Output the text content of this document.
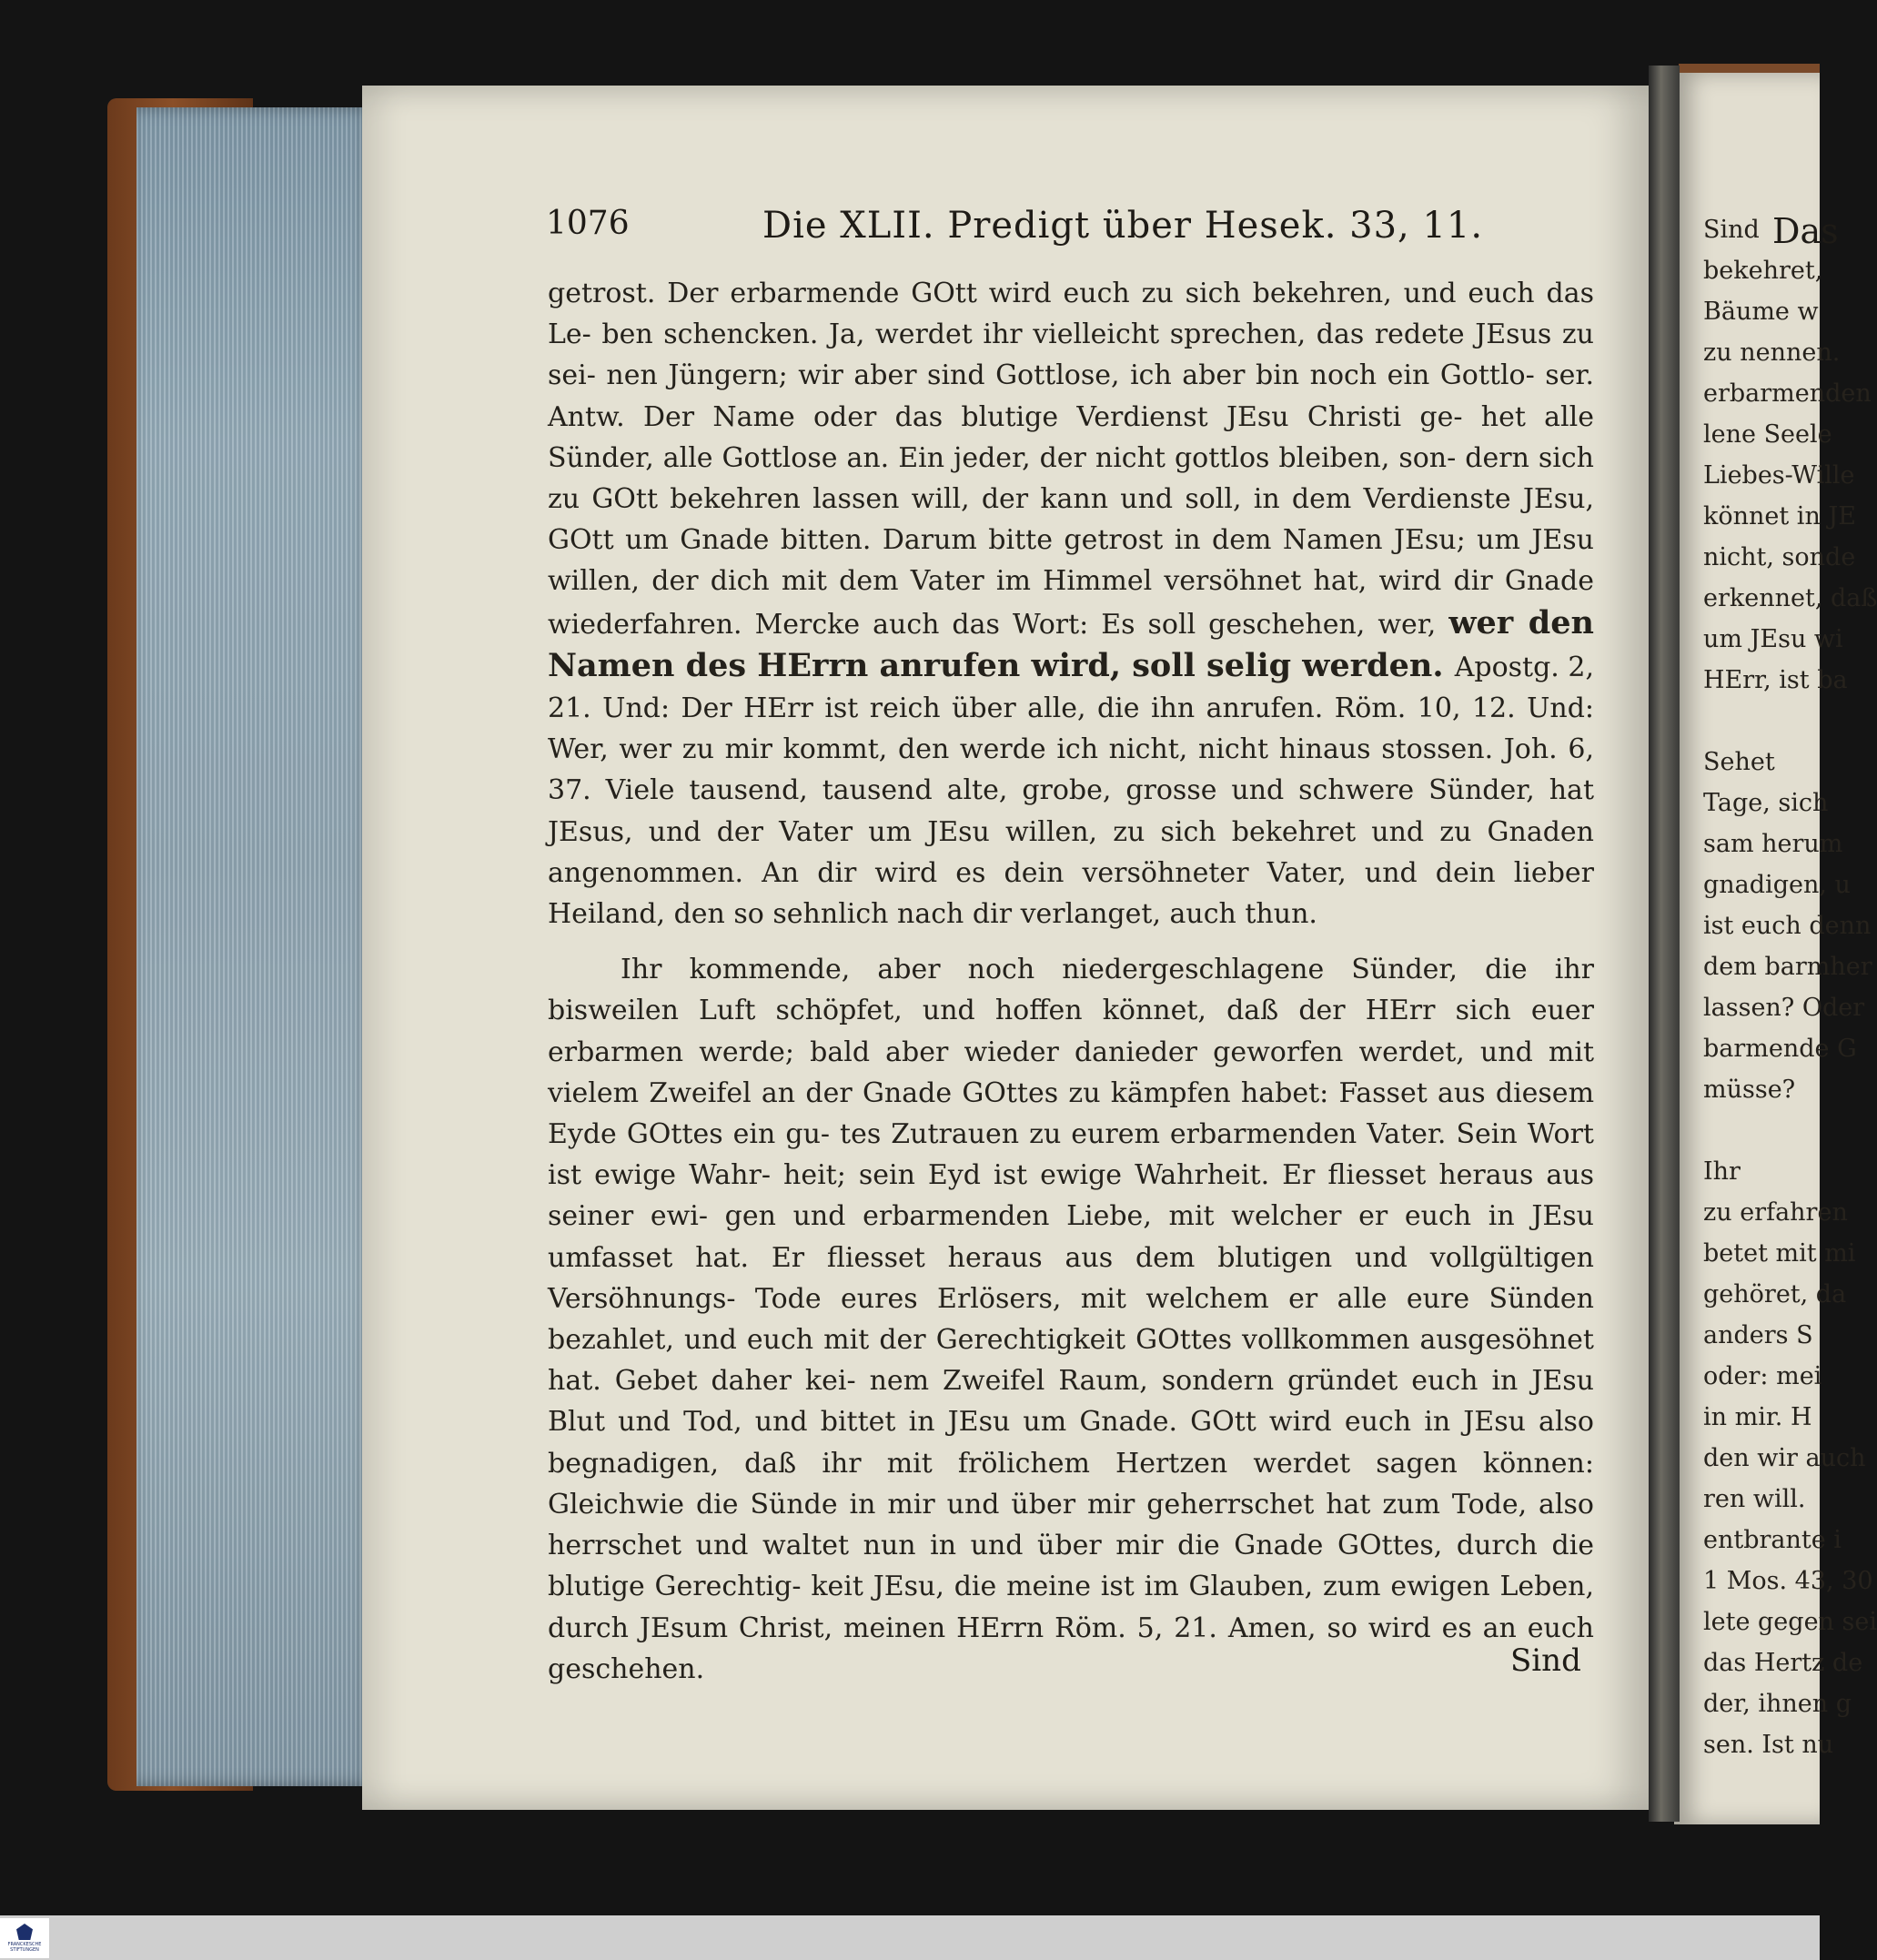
1076	Die XLII. Predigt über Hesek. 33, 11.

getrost. Der erbarmende GOtt wird euch zu sich bekehren, und euch das Le- ben schencken. Ja, werdet ihr vielleicht sprechen, das redete JEsus zu sei- nen Jüngern; wir aber sind Gottlose, ich aber bin noch ein Gottlo- ser. Antw. Der Name oder das blutige Verdienst JEsu Christi ge- het alle Sünder, alle Gottlose an. Ein jeder, der nicht gottlos bleiben, son- dern sich zu GOtt bekehren lassen will, der kann und soll, in dem Verdienste JEsu, GOtt um Gnade bitten. Darum bitte getrost in dem Namen JEsu; um JEsu willen, der dich mit dem Vater im Himmel versöhnet hat, wird dir Gnade wiederfahren. Mercke auch das Wort: Es soll geschehen, wer, wer den Namen des HErrn anrufen wird, soll selig werden. Apostg. 2, 21. Und: Der HErr ist reich über alle, die ihn anrufen. Röm. 10, 12. Und: Wer, wer zu mir kommt, den werde ich nicht, nicht hinaus stossen. Joh. 6, 37. Viele tausend, tausend alte, grobe, grosse und schwere Sünder, hat JEsus, und der Vater um JEsu willen, zu sich bekehret und zu Gnaden angenommen. An dir wird es dein versöhneter Vater, und dein lieber Heiland, den so sehnlich nach dir verlanget, auch thun.

Ihr kommende, aber noch niedergeschlagene Sünder, die ihr bisweilen Luft schöpfet, und hoffen könnet, daß der HErr sich euer erbarmen werde; bald aber wieder danieder geworfen werdet, und mit vielem Zweifel an der Gnade GOttes zu kämpfen habet: Fasset aus diesem Eyde GOttes ein gu- tes Zutrauen zu eurem erbarmenden Vater. Sein Wort ist ewige Wahr- heit; sein Eyd ist ewige Wahrheit. Er fliesset heraus aus seiner ewi- gen und erbarmenden Liebe, mit welcher er euch in JEsu umfasset hat. Er fliesset heraus aus dem blutigen und vollgültigen Versöhnungs- Tode eures Erlösers, mit welchem er alle eure Sünden bezahlet, und euch mit der Gerechtigkeit GOttes vollkommen ausgesöhnet hat. Gebet daher kei- nem Zweifel Raum, sondern gründet euch in JEsu Blut und Tod, und bittet in JEsu um Gnade. GOtt wird euch in JEsu also begnadigen, daß ihr mit frölichem Hertzen werdet sagen können: Gleichwie die Sünde in mir und über mir geherrschet hat zum Tode, also herrschet und waltet nun in und über mir die Gnade GOttes, durch die blutige Gerechtig- keit JEsu, die meine ist im Glauben, zum ewigen Leben, durch JEsum Christ, meinen HErrn Röm. 5, 21. Amen, so wird es an euch geschehen.	Sind
Das
Sind
bekehret,
Bäume w
zu nennen.
erbarmenden
lene Seele
Liebes-Wille
könnet in JE
nicht, sonde
erkennet, daß
um JEsu wi
HErr, ist ba
Sehet
Tage, sich
sam herum
gnadigen, u
ist euch denn
dem barmher
lassen? Oder
barmende G
müsse?
Ihr
zu erfahren
betet mit mi
gehöret, da
anders S
oder: mei
in mir. H
den wir auch
ren will.
entbrante i
1 Mos. 43, 30
lete gegen sei
das Hertz de
der, ihnen g
sen. Ist nu
FRANCKESCHE STIFTUNGEN
